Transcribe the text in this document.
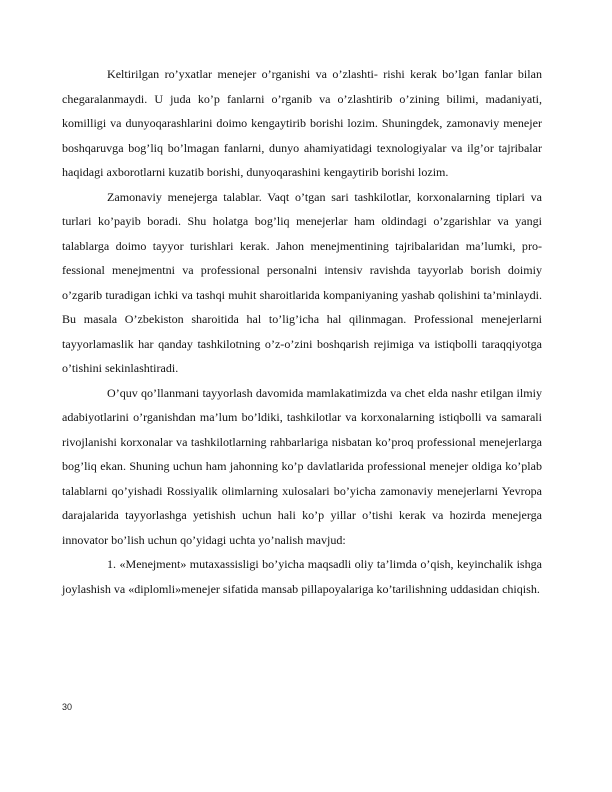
Keltirilgan ro’yxatlar menejer o’rganishi va o’zlashti- rishi kerak bo’lgan fanlar bilan chegaralanmaydi. U juda ko’p fanlarni o’rganib va o’zlashtirib o’zining bilimi, madaniyati, komilligi va dunyoqarashlarini doimo kengaytirib borishi lozim. Shuningdek, zamonaviy menejer boshqaruvga bog’liq bo’lmagan fanlarni, dunyo ahamiyatidagi texnologiyalar va ilg’or tajribalar haqidagi axborotlarni kuzatib borishi, dunyoqarashini kengaytirib borishi lozim.

Zamonaviy menejerga talablar. Vaqt o’tgan sari tashkilotlar, korxonalarning tiplari va turlari ko’payib boradi. Shu holatga bog’liq menejerlar ham oldindagi o’zgarishlar va yangi talablarga doimo tayyor turishlari kerak. Jahon menejmentining tajribalaridan ma’lumki, pro- fessional menejmentni va professional personalni intensiv ravishda tayyorlab borish doimiy o’zgarib turadigan ichki va tashqi muhit sharoitlarida kompaniyaning yashab qolishini ta’minlaydi. Bu masala O’zbekiston sharoitida hal to’lig’icha hal qilinmagan. Professional menejerlarni tayyorlamaslik har qanday tashkilotning o’z-o’zini boshqarish rejimiga va istiqbolli taraqqiyotga o’tishini sekinlashtiradi.

O’quv qo’llanmani tayyorlash davomida mamlakatimizda va chet elda nashr etilgan ilmiy adabiyotlarini o’rganishdan ma’lum bo’ldiki, tashkilotlar va korxonalarning istiqbolli va samarali rivojlanishi korxonalar va tashkilotlarning rahbarlariga nisbatan ko’proq professional menejerlarga bog’liq ekan. Shuning uchun ham jahonning ko’p davlatlarida professional menejer oldiga ko’plab talablarni qo’yishadi Rossiyalik olimlarning xulosalari bo’yicha zamonaviy menejerlarni Yevropa darajalarida tayyorlashga yetishish uchun hali ko’p yillar o’tishi kerak va hozirda menejerga innovator bo’lish uchun qo’yidagi uchta yo’nalish mavjud:

1. «Menejment» mutaxassisligi bo’yicha maqsadli oliy ta’limda o’qish, keyinchalik ishga joylashish va «diplomli»menejer sifatida mansab pillapoyalariga ko’tarilishning uddasidan chiqish.

30
